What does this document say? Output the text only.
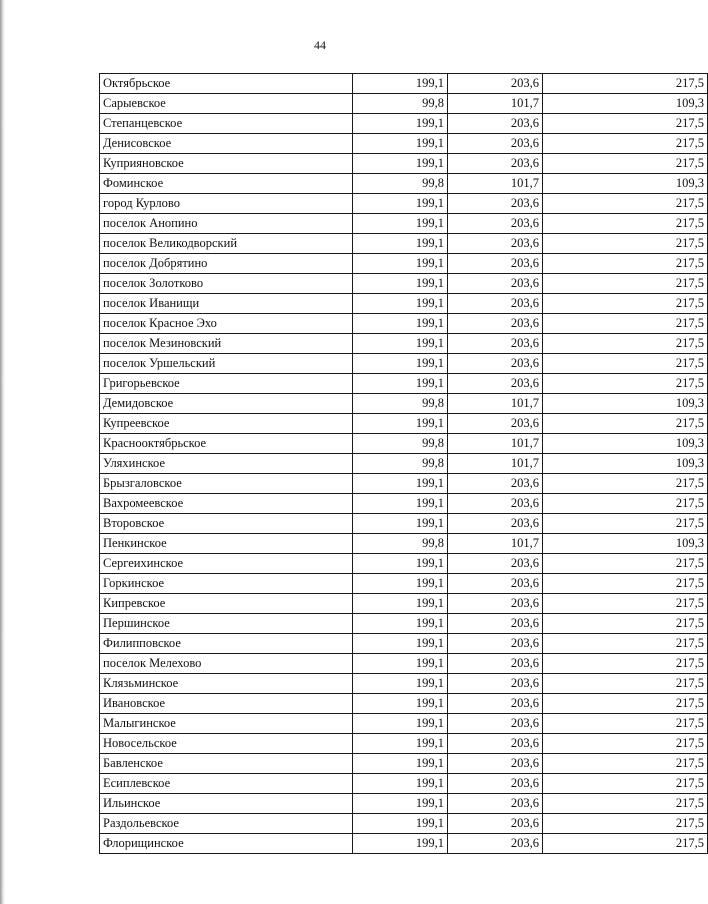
44
Октябрьское	199,1	203,6	217,5
Сарыевское	99,8	101,7	109,3
Степанцевское	199,1	203,6	217,5
Денисовское	199,1	203,6	217,5
Куприяновское	199,1	203,6	217,5
Фоминское	99,8	101,7	109,3
город Курлово	199,1	203,6	217,5
поселок Анопино	199,1	203,6	217,5
поселок Великодворский	199,1	203,6	217,5
поселок Добрятино	199,1	203,6	217,5
поселок Золотково	199,1	203,6	217,5
поселок Иванищи	199,1	203,6	217,5
поселок Красное Эхо	199,1	203,6	217,5
поселок Мезиновский	199,1	203,6	217,5
поселок Уршельский	199,1	203,6	217,5
Григорьевское	199,1	203,6	217,5
Демидовское	99,8	101,7	109,3
Купреевское	199,1	203,6	217,5
Краснооктябрьское	99,8	101,7	109,3
Уляхинское	99,8	101,7	109,3
Брызгаловское	199,1	203,6	217,5
Вахромеевское	199,1	203,6	217,5
Второвское	199,1	203,6	217,5
Пенкинское	99,8	101,7	109,3
Сергеихинское	199,1	203,6	217,5
Горкинское	199,1	203,6	217,5
Кипревское	199,1	203,6	217,5
Першинское	199,1	203,6	217,5
Филипповское	199,1	203,6	217,5
поселок Мелехово	199,1	203,6	217,5
Клязьминское	199,1	203,6	217,5
Ивановское	199,1	203,6	217,5
Малыгинское	199,1	203,6	217,5
Новосельское	199,1	203,6	217,5
Бавленское	199,1	203,6	217,5
Есиплевское	199,1	203,6	217,5
Ильинское	199,1	203,6	217,5
Раздольевское	199,1	203,6	217,5
Флорищинское	199,1	203,6	217,5
